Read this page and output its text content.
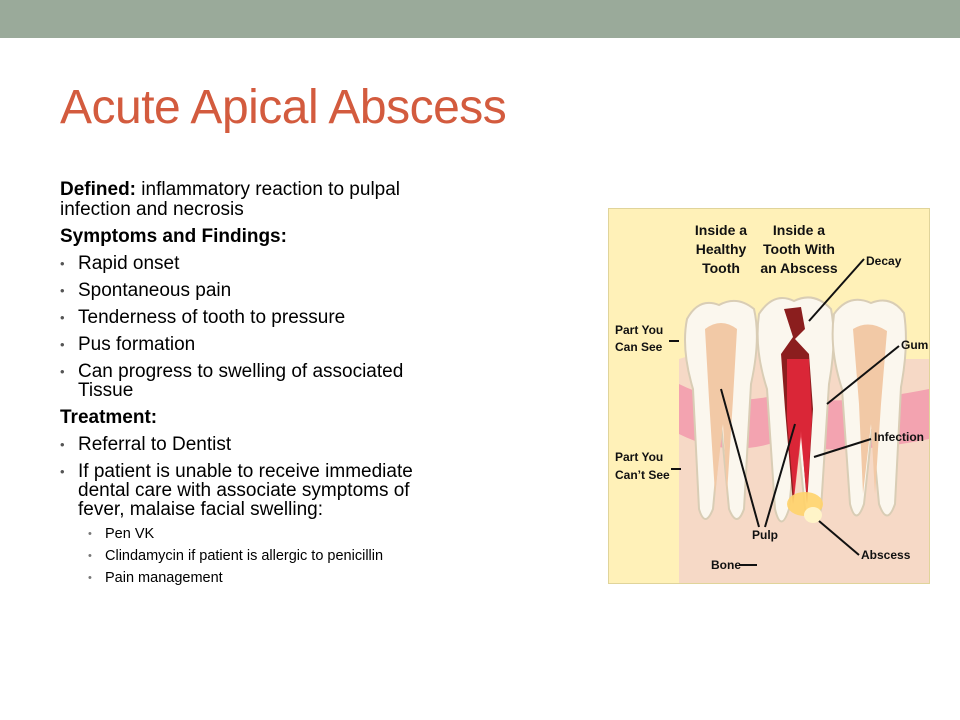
Acute Apical Abscess
Defined: inflammatory reaction to pulpal infection and necrosis
Symptoms and Findings:
• Rapid onset
• Spontaneous pain
• Tenderness of tooth to pressure
• Pus formation
• Can progress to swelling of associated Tissue
Treatment:
• Referral to Dentist
• If patient is unable to receive immediate dental care with associate symptoms of fever, malaise facial swelling:
• Pen VK
• Clindamycin if patient is allergic to penicillin
• Pain management
Inside a
Healthy
Tooth
Inside a
Tooth With
an Abscess Decay
Gum
Infection
Abscess
Pulp
Bone
Part You
Can See
Part You
Can’t See
